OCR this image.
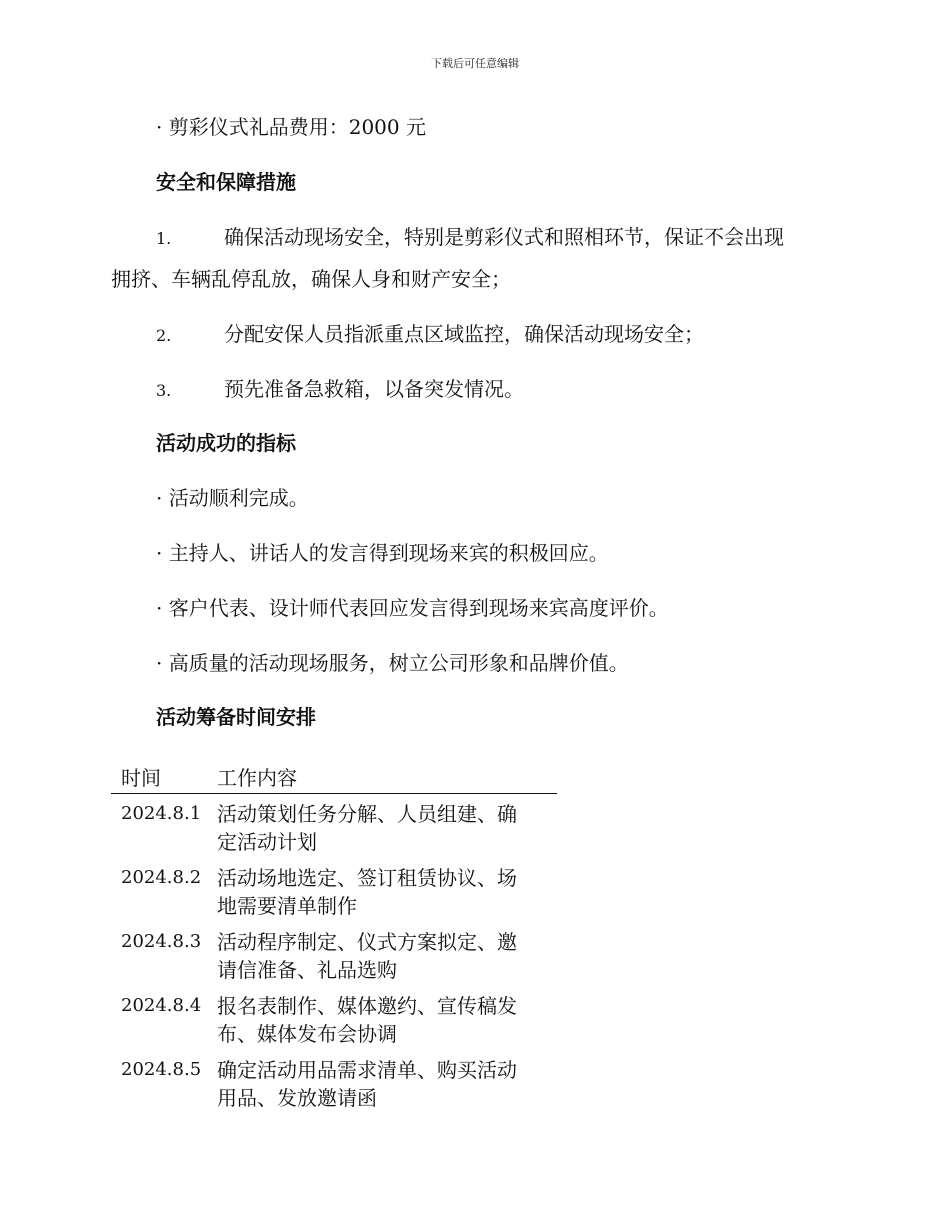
下载后可任意编辑
· 剪彩仪式礼品费用：2000 元
安全和保障措施
1.	确保活动现场安全，特别是剪彩仪式和照相环节，保证不会出现
拥挤、车辆乱停乱放，确保人身和财产安全；
2.	分配安保人员指派重点区域监控，确保活动现场安全；
3.	预先准备急救箱，以备突发情况。
活动成功的指标
· 活动顺利完成。
· 主持人、讲话人的发言得到现场来宾的积极回应。
· 客户代表、设计师代表回应发言得到现场来宾高度评价。
· 高质量的活动现场服务，树立公司形象和品牌价值。
活动筹备时间安排
时间	工作内容
2024.8.1	活动策划任务分解、人员组建、确
定活动计划

2024.8.2	活动场地选定、签订租赁协议、场
地需要清单制作

2024.8.3	活动程序制定、仪式方案拟定、邀
请信准备、礼品选购

2024.8.4	报名表制作、媒体邀约、宣传稿发
布、媒体发布会协调

2024.8.5	确定活动用品需求清单、购买活动
用品、发放邀请函
